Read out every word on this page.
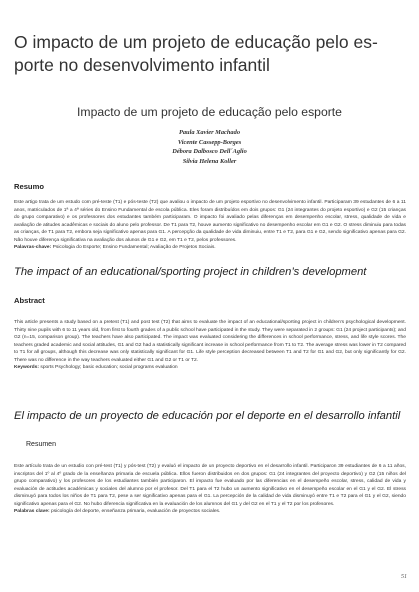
O impacto de um projeto de educação pelo es-
porte no desenvolvimento infantil
Impacto de um projeto de educação pelo esporte
Paula Xavier Machado
Vicente Cassepp-Borges
Débora Dalbosco Dell´Aglio
Silvia Helena Koller
Resumo
Este artigo trata de um estudo com pré-teste (T1) e pós-teste (T2) que avaliou o impacto de um projeto esportivo no desenvolvimento infantil. Participaram 39 estudantes de 6 a 11 anos, matriculados de 1ª a 4ª séries do Ensino Fundamental de escola pública. Eles foram distribuídos em dois grupos: G1 (24 integrantes do projeto esportivo) e G2 (15 crianças do grupo comparativo) e os professores dos estudantes também participaram. O impacto foi avaliado pelas diferenças em desempenho escolar, stress, qualidade de vida e avaliação de atitudes acadêmicas e sociais do aluno pelo professor. De T1 para T2, houve aumento significativo no desempenho escolar em G1 e G2. O stress diminuiu para todas as crianças, de T1 para T2, embora seja significativo apenas para G1. A percepção da qualidade de vida diminuiu, entre T1 e T2, para G1 e G2, sendo significativo apenas para G2. Não houve diferença significativa na avaliação dos alunos de G1 e G2, em T1 e T2, pelos professores.
Palavras-chave: Psicologia do Esporte; Ensino Fundamental; Avaliação de Projetos Sociais.
The impact of an educational/sporting project in children’s development
Abstract
This article presents a study based on a pretest (T1) and post test (T2) that aims to evaluate the impact of an educational/sporting project in children's psychological development. Thirty nine pupils with 6 to 11 years old, from first to fourth grades of a public school have participated in the study. They were separated in 2 groups: G1 (24 project participants); and G2 (n=15, comparison group). The teachers have also participated. The impact was evaluated considering the differences in school performance, stress, and life style scores. The teachers graded academic and social attitudes, G1 and G2 had a statistically significant increase in school performance from T1 to T2. The average stress was lower in T2 compared to T1 for all groups, although this decrease was only statistically significant for G1. Life style perception decreased between T1 and T2 for G1 and G2, but only significantly for G2. There was no difference in the way teachers evaluated either G1 and G2 or T1 or T2.
Keywords: sports Psychology; basic education; social programs evaluation
El impacto de un proyecto de educación por el deporte en el desarrollo infantil
Resumen
Este artículo trata de un estudio con pré-test (T1) y pós-test (T2) y evaluó el impacto de un proyecto deportivo en el desarrollo infantil. Participaron 39 estudiantes de 6 a 11 años, inscriptos del 1º al 4º grado de la enseñanza primaria de escuela pública. Ellos fueron distribuidos en dos grupos: G1 (24 integrantes del proyecto deportivo) y G2 (15 niños del grupo comparativo) y los profesores de los estudiantes también participaron. El impacto fue evaluado por las diferencias en el desempeño escolar, stress, calidad de vida y evaluación de actitudes académicas y sociales del alumno por el profesor. Del T1 para el T2 hubo un aumento significativo en el desempeño escolar en el G1 y el G2. El stress disminuyó para todos los niños de T1 para T2, pese a ser significativo apenas para el G1. La percepción de la calidad de vida disminuyó entre T1 e T2 para el G1 y el G2, siendo significativo apenas para el G2. No hubo diferencia significativa en la evaluación de los alumnos del G1 y del G2 en el T1 y el T2 por los profesores.
Palabras clave: psicología del deporte, enseñanza primaria, evaluación de proyectos sociales.
51
